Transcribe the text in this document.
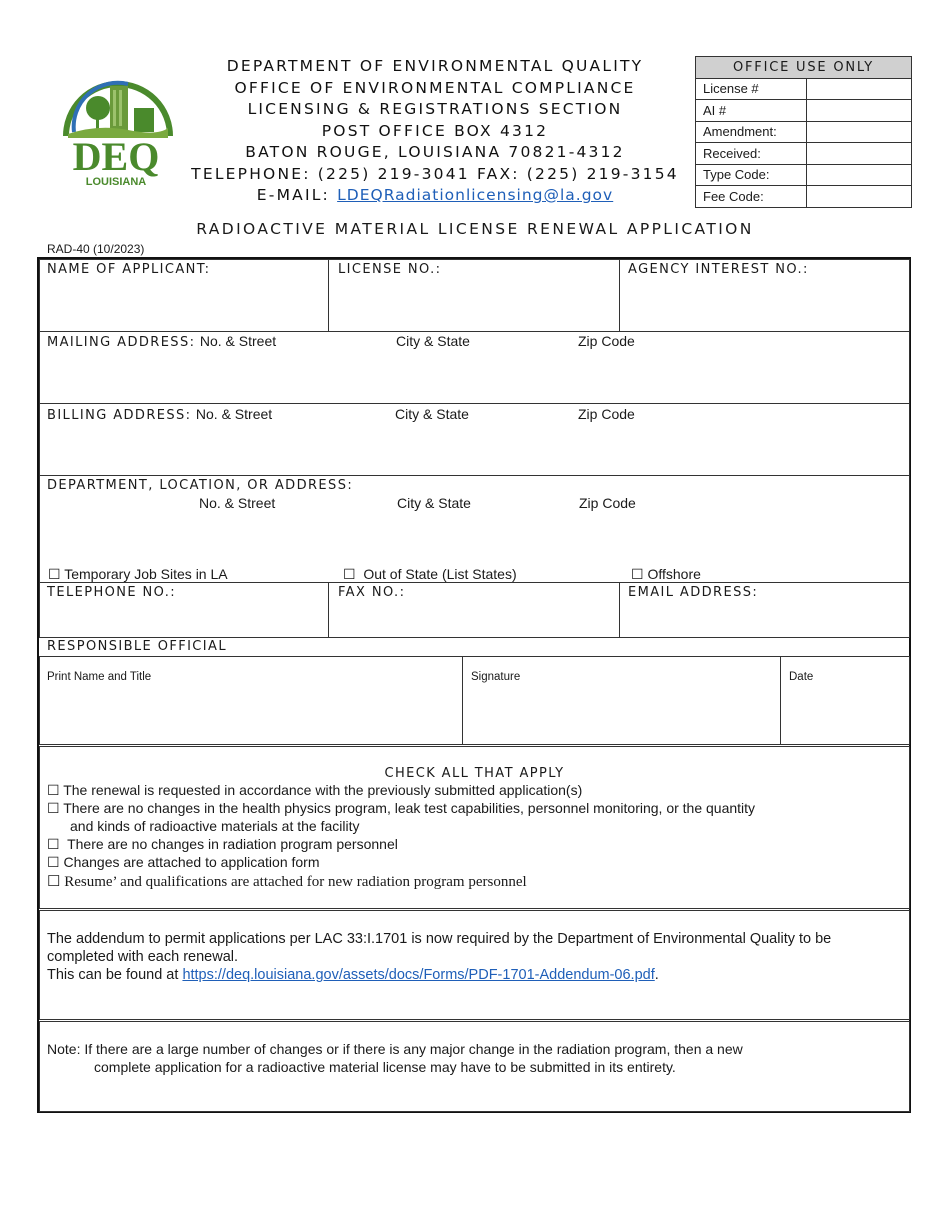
DEQ
LOUISIANA
DEPARTMENT OF ENVIRONMENTAL QUALITY
OFFICE OF ENVIRONMENTAL COMPLIANCE
LICENSING & REGISTRATIONS SECTION
POST OFFICE BOX 4312
BATON ROUGE, LOUISIANA 70821-4312
TELEPHONE: (225) 219-3041 FAX: (225) 219-3154
E-MAIL: LDEQRadiationlicensing@la.gov
OFFICE USE ONLY	
License #	
AI #	
Amendment:	
Received:	
Type Code:	
Fee Code:	
RADIOACTIVE MATERIAL LICENSE RENEWAL APPLICATION
RAD-40 (10/2023)
NAME OF APPLICANT:	LICENSE NO.:	AGENCY INTEREST NO.:
MAILING ADDRESS: No. & Street	City & State	Zip Code
BILLING ADDRESS: No. & Street	City & State	Zip Code
DEPARTMENT, LOCATION, OR ADDRESS:
No. & Street	City & State	Zip Code
☐ Temporary Job Sites in LA	☐ Out of State (List States)	☐ Offshore
TELEPHONE NO.:	FAX NO.:	EMAIL ADDRESS:
RESPONSIBLE OFFICIAL
Print Name and Title	Signature	Date
CHECK ALL THAT APPLY
☐ The renewal is requested in accordance with the previously submitted application(s)
☐ There are no changes in the health physics program, leak test capabilities, personnel monitoring, or the quantity
and kinds of radioactive materials at the facility
☐ There are no changes in radiation program personnel
☐ Changes are attached to application form
☐ Resume’ and qualifications are attached for new radiation program personnel
The addendum to permit applications per LAC 33:I.1701 is now required by the Department of Environmental Quality to be
completed with each renewal.
This can be found at https://deq.louisiana.gov/assets/docs/Forms/PDF-1701-Addendum-06.pdf.
Note: If there are a large number of changes or if there is any major change in the radiation program, then a new
complete application for a radioactive material license may have to be submitted in its entirety.
